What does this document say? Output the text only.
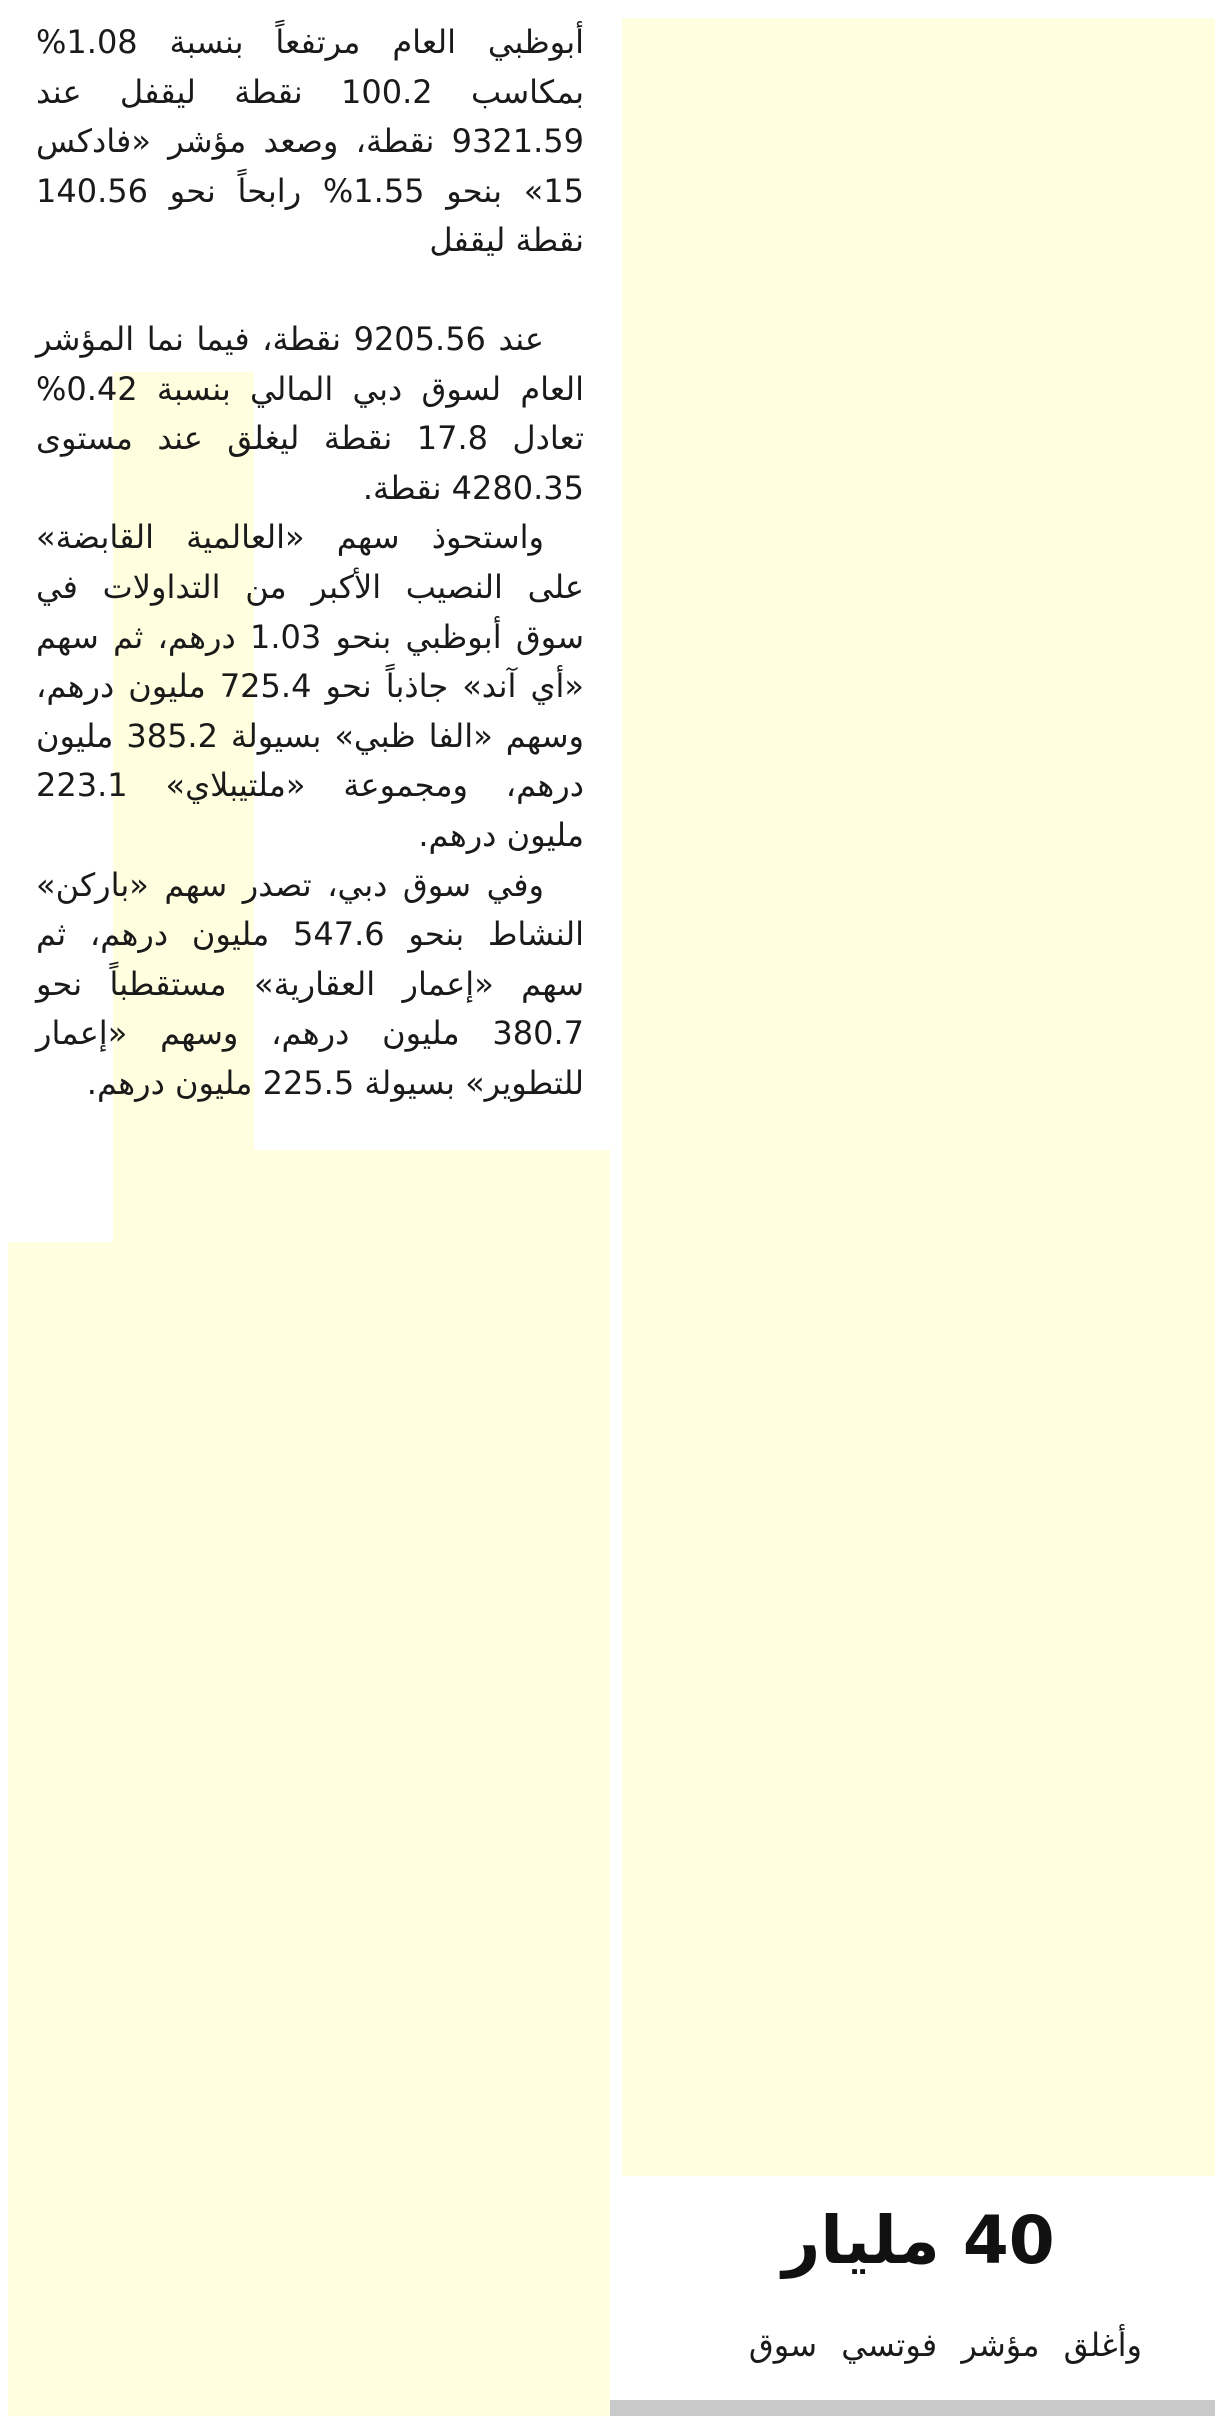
أبوظبي العام مرتفعاً بنسبة 1.08% بمكاسب 100.2 نقطة ليقفل عند 9321.59 نقطة، وصعد مؤشر «فادكس 15» بنحو 1.55% رابحاً نحو 140.56 نقطة ليقفل

عند 9205.56 نقطة، فيما نما المؤشر العام لسوق دبي المالي بنسبة 0.42% تعادل 17.8 نقطة ليغلق عند مستوى 4280.35 نقطة.

واستحوذ سهم «العالمية القابضة» على النصيب الأكبر من التداولات في سوق أبوظبي بنحو 1.03 درهم، ثم سهم «أي آند» جاذباً نحو 725.4 مليون درهم، وسهم «الفا ظبي» بسيولة 385.2 مليون درهم، ومجموعة «ملتيبلاي» 223.1 مليون درهم.

وفي سوق دبي، تصدر سهم «باركن» النشاط بنحو 547.6 مليون درهم، ثم سهم «إعمار العقارية» مستقطباً نحو 380.7 مليون درهم، وسهم «إعمار للتطوير» بسيولة 225.5 مليون درهم.

40 مليار
وأغلق مؤشر فوتسي سوق
